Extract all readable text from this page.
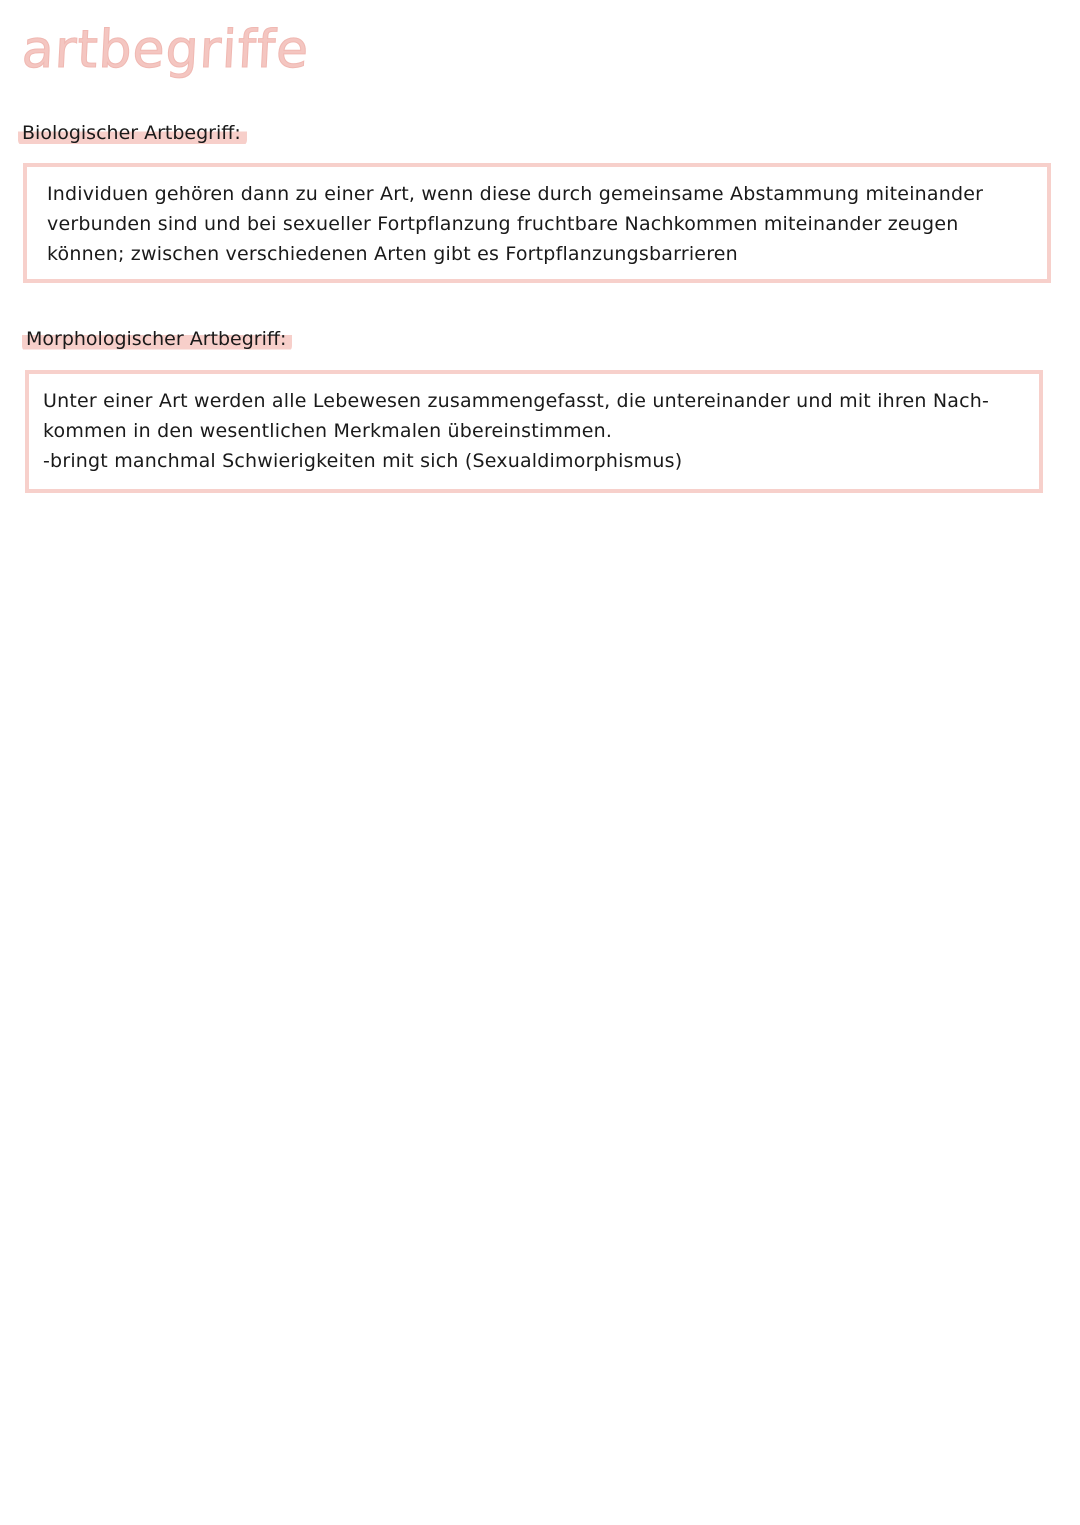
artbegriffe
Biologischer Artbegriff:
Individuen gehören dann zu einer Art, wenn diese durch gemeinsame Abstammung miteinander
verbunden sind und bei sexueller Fortpflanzung fruchtbare Nachkommen miteinander zeugen
können; zwischen verschiedenen Arten gibt es Fortpflanzungsbarrieren
Morphologischer Artbegriff:
Unter einer Art werden alle Lebewesen zusammengefasst, die untereinander und mit ihren Nach-
kommen in den wesentlichen Merkmalen übereinstimmen.
-bringt manchmal Schwierigkeiten mit sich (Sexualdimorphismus)
